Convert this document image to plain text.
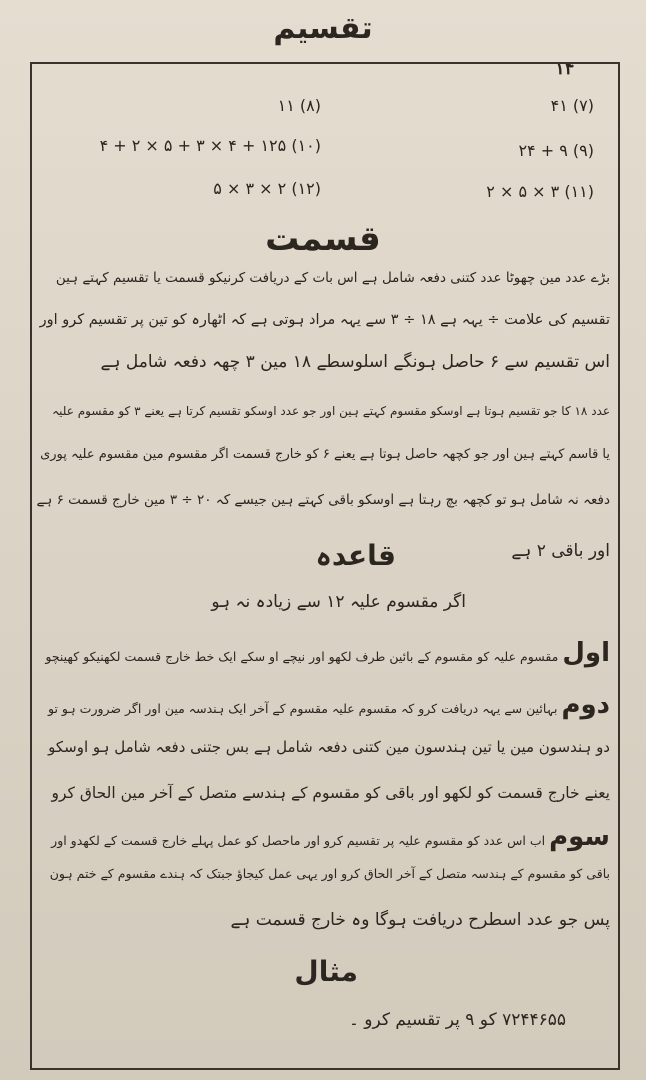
تقسیم
۱۴
(۷) ۴۱
(۸) ۱۱
(۹) ۹ + ۲۴
(۱۰) ۱۲۵ + ۴ × ۳ + ۵ × ۲ + ۴
(۱۱) ۳ × ۵ × ۲
(۱۲) ۲ × ۳ × ۵
قسمت
بڑے عدد مین چھوٹا عدد کتنی دفعہ شامل ہے اس بات کے دریافت کرنیکو قسمت یا تقسیم کہتے ہین
تقسیم کی علامت ÷ یہہ ہے ۱۸ ÷ ۳ سے یہہ مراد ہوتی ہے کہ اٹھارہ کو تین پر تقسیم کرو اور
اس تقسیم سے ۶ حاصل ہونگے اسلوسطے ۱۸ مین ۳ چھہ دفعہ شامل ہے
عدد ۱۸ کا جو تقسیم ہوتا ہے اوسکو مقسوم کہتے ہین اور جو عدد اوسکو تقسیم کرتا ہے یعنے ۳ کو مقسوم علیہ
یا قاسم کہتے ہین اور جو کچھہ حاصل ہوتا ہے یعنے ۶ کو خارج قسمت اگر مقسوم مین مقسوم علیہ پوری
دفعہ نہ شامل ہو تو کچھہ بچ رہتا ہے اوسکو باقی کہتے ہین جیسے کہ ۲۰ ÷ ۳ مین خارج قسمت ۶ ہے
اور باقی ۲ ہے
قاعدہ
اگر مقسوم علیہ ۱۲ سے زیادہ نہ ہو
اول مقسوم علیہ کو مقسوم کے بائین طرف لکھو اور نیچے او سکے ایک خط خارج قسمت لکھنیکو کھینچو
دوم بہائین سے یہہ دریافت کرو کہ مقسوم علیہ مقسوم کے آخر ایک ہندسہ مین اور اگر ضرورت ہو تو
دو ہندسون مین یا تین ہندسون مین کتنی دفعہ شامل ہے بس جتنی دفعہ شامل ہو اوسکو
یعنے خارج قسمت کو لکھو اور باقی کو مقسوم کے ہندسے متصل کے آخر مین الحاق کرو
سوم اب اس عدد کو مقسوم علیہ پر تقسیم کرو اور ماحصل کو عمل پہلے خارج قسمت کے لکھدو اور
باقی کو مقسوم کے ہندسہ متصل کے آخر الحاق کرو اور یہی عمل کیجاؤ جبتک کہ ہندے مقسوم کے ختم ہون
پس جو عدد اسطرح دریافت ہوگا وہ خارج قسمت ہے
مثال
۷۲۴۴۶۵۵ کو ۹ پر تقسیم کرو ۔
